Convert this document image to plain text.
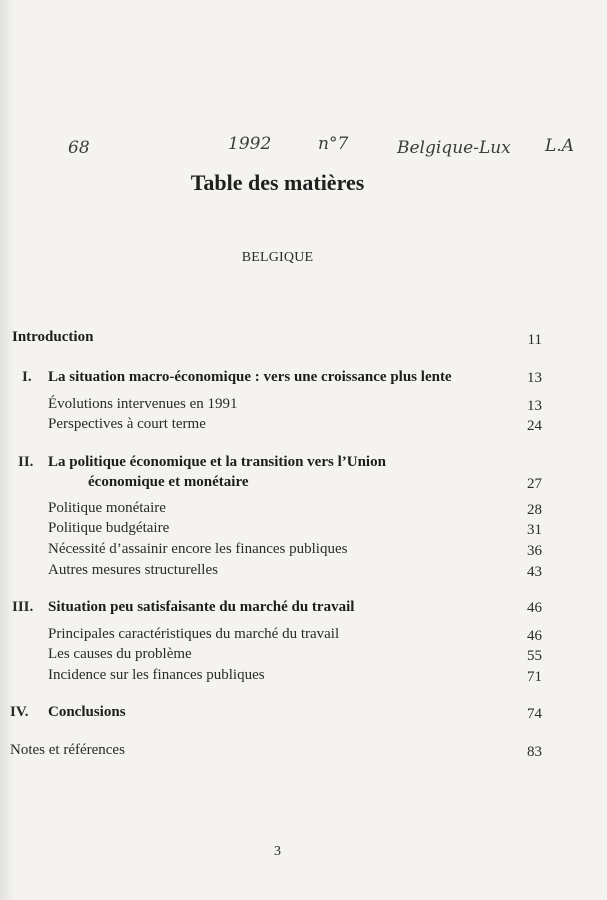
68	1992	n°7	Belgique-Lux L.A
Table des matières
BELGIQUE
Introduction	11
I. La situation macro-économique : vers une croissance plus lente	13
Évolutions intervenues en 1991	13
Perspectives à court terme	24
II. La politique économique et la transition vers l’Union
économique et monétaire	27
Politique monétaire	28
Politique budgétaire	31
Nécessité d’assainir encore les finances publiques	36
Autres mesures structurelles	43
III. Situation peu satisfaisante du marché du travail	46
Principales caractéristiques du marché du travail	46
Les causes du problème	55
Incidence sur les finances publiques	71
IV. Conclusions	74
Notes et références	83
3
